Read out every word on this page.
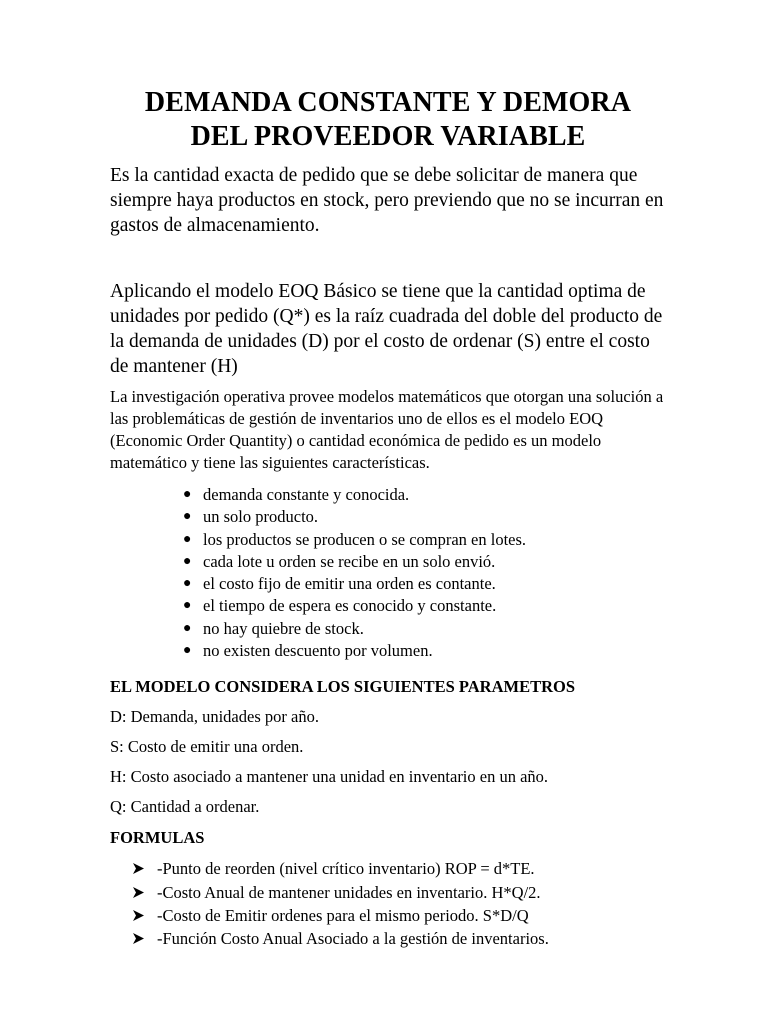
DEMANDA CONSTANTE Y DEMORA
DEL PROVEEDOR VARIABLE

Es la cantidad exacta de pedido que se debe solicitar de manera que siempre haya productos en stock, pero previendo que no se incurran en gastos de almacenamiento.

Aplicando el modelo EOQ Básico se tiene que la cantidad optima de unidades por pedido (Q*) es la raíz cuadrada del doble del producto de la demanda de unidades (D) por el costo de ordenar (S) entre el costo de mantener (H)

La investigación operativa provee modelos matemáticos que otorgan una solución a las problemáticas de gestión de inventarios uno de ellos es el modelo EOQ (Economic Order Quantity) o cantidad económica de pedido es un modelo matemático y tiene las siguientes características.

● demanda constante y conocida.
● un solo producto.
● los productos se producen o se compran en lotes.
● cada lote u orden se recibe en un solo envió.
● el costo fijo de emitir una orden es contante.
● el tiempo de espera es conocido y constante.
● no hay quiebre de stock.
● no existen descuento por volumen.

EL MODELO CONSIDERA LOS SIGUIENTES PARAMETROS

D: Demanda, unidades por año.

S: Costo de emitir una orden.

H: Costo asociado a mantener una unidad en inventario en un año.

Q: Cantidad a ordenar.

FORMULAS

-Punto de reorden (nivel crítico inventario) ROP = d*TE.
-Costo Anual de mantener unidades en inventario. H*Q/2.
-Costo de Emitir ordenes para el mismo periodo. S*D/Q
-Función Costo Anual Asociado a la gestión de inventarios.
